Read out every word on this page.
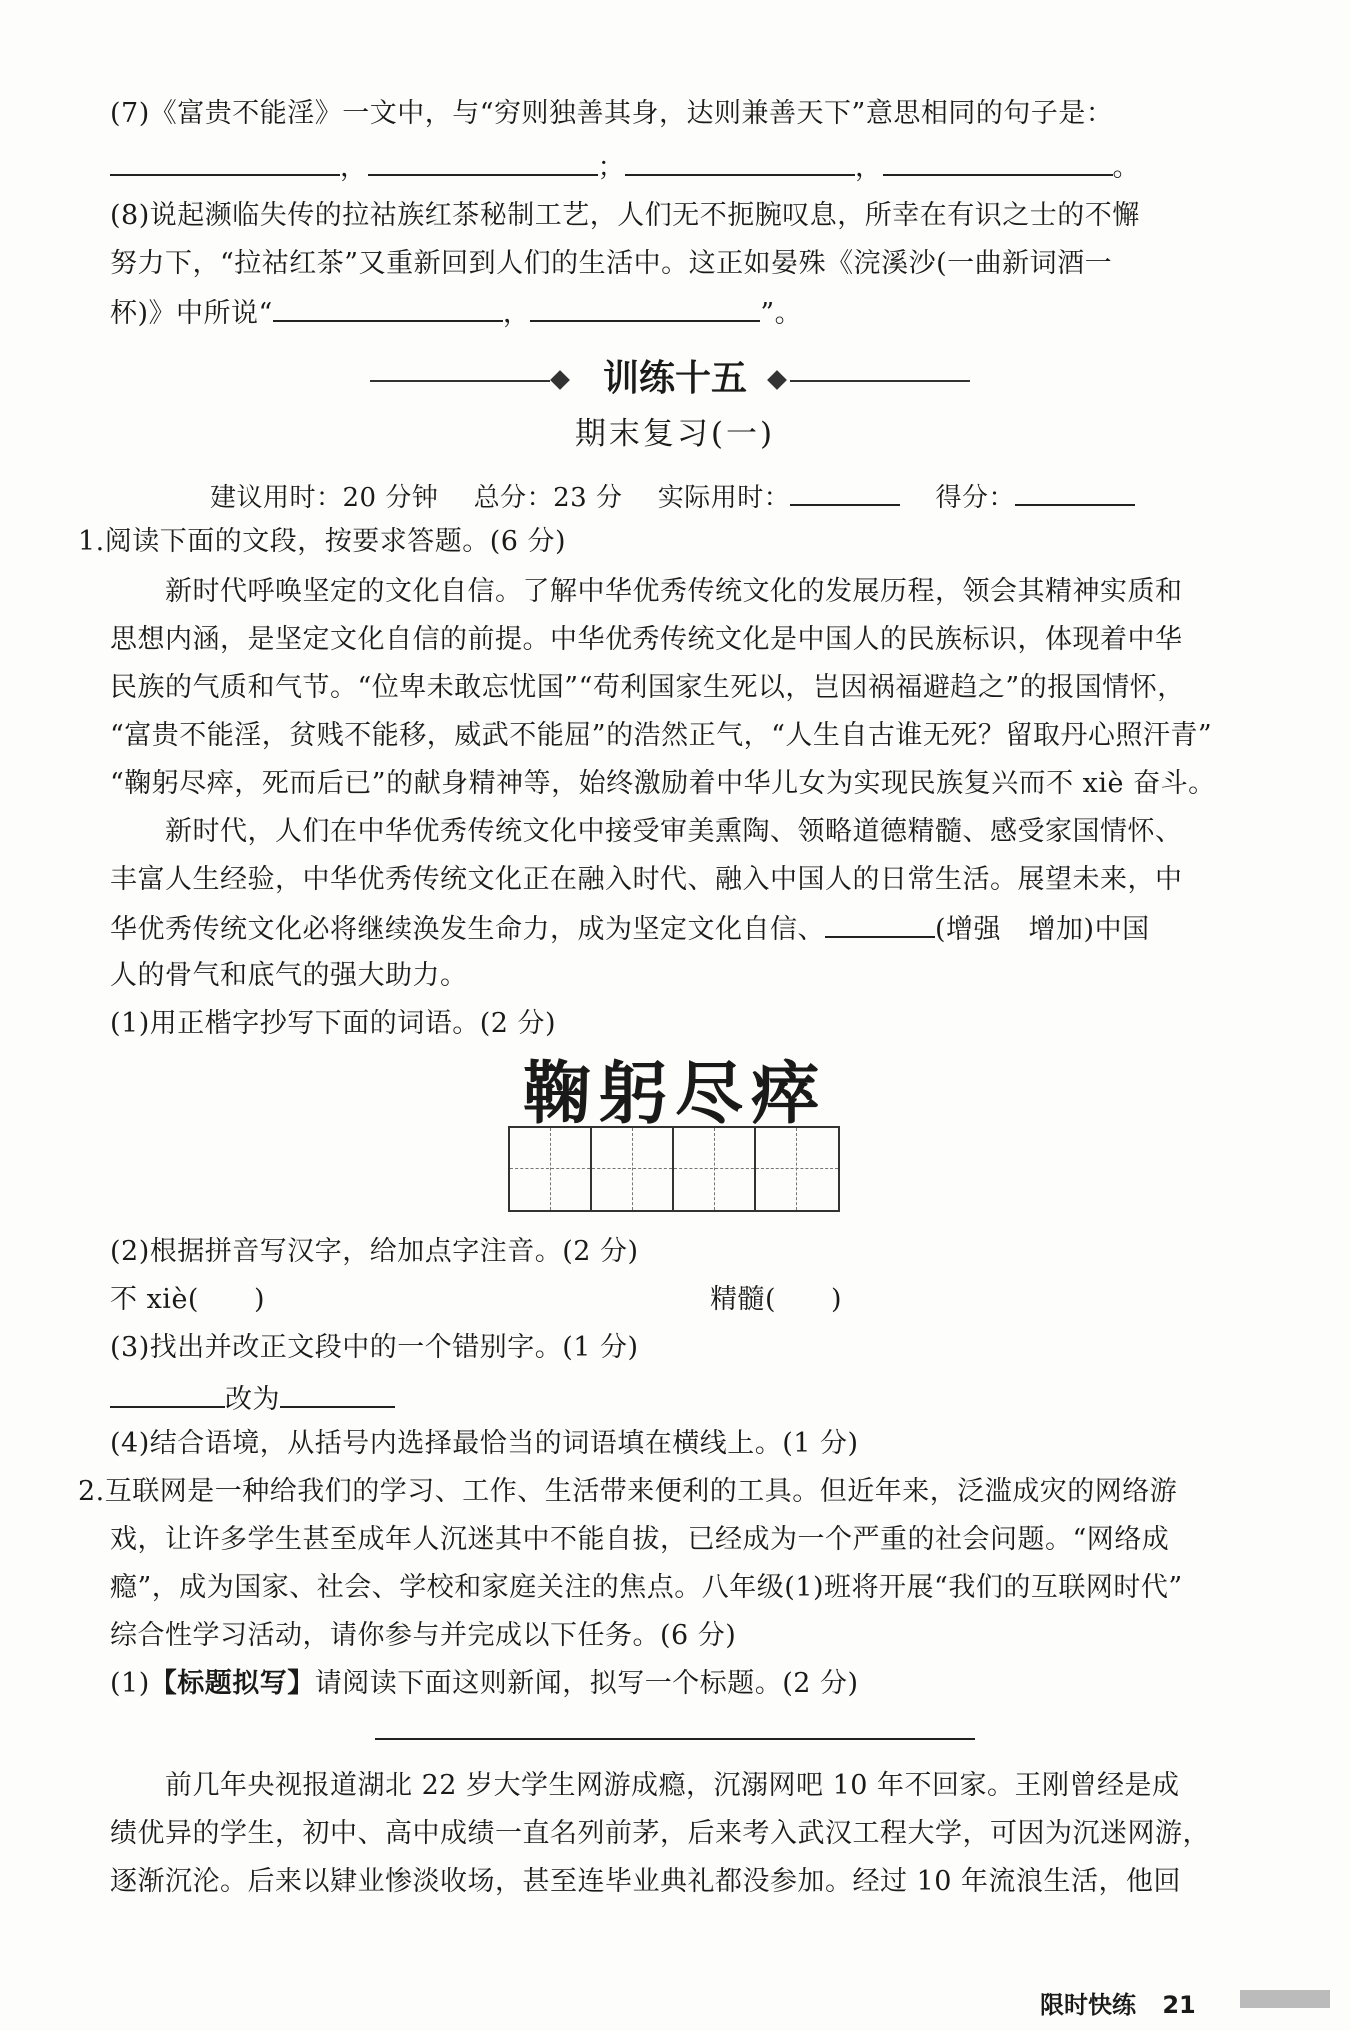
(7)《富贵不能淫》一文中，与“穷则独善其身，达则兼善天下”意思相同的句子是：
，	；	，	。
(8)说起濒临失传的拉祜族红茶秘制工艺，人们无不扼腕叹息，所幸在有识之士的不懈
努力下，“拉祜红茶”又重新回到人们的生活中。这正如晏殊《浣溪沙(一曲新词酒一
杯)》中所说“	，	”。
训练十五
期末复习(一)
建议用时：20 分钟　 总分：23 分　 实际用时：　	得分：
1.阅读下面的文段，按要求答题。(6 分)
新时代呼唤坚定的文化自信。了解中华优秀传统文化的发展历程，领会其精神实质和
思想内涵，是坚定文化自信的前提。中华优秀传统文化是中国人的民族标识，体现着中华
民族的气质和气节。“位卑未敢忘忧国”“苟利国家生死以，岂因祸福避趋之”的报国情怀，
“富贵不能淫，贫贱不能移，威武不能屈”的浩然正气，“人生自古谁无死？留取丹心照汗青”
“鞠躬尽瘁，死而后已”的献身精神等，始终激励着中华儿女为实现民族复兴而不 xiè 奋斗。
新时代，人们在中华优秀传统文化中接受审美熏陶、领略道德精髓、感受家国情怀、
丰富人生经验，中华优秀传统文化正在融入时代、融入中国人的日常生活。展望未来，中
华优秀传统文化必将继续涣发生命力，成为坚定文化自信、	(增强　增加)中国
人的骨气和底气的强大助力。
(1)用正楷字抄写下面的词语。(2 分)
鞠躬尽瘁
(2)根据拼音写汉字，给加点字注音。(2 分)
不 xiè(　　)	精髓(　　)
(3)找出并改正文段中的一个错别字。(1 分)
改为
(4)结合语境，从括号内选择最恰当的词语填在横线上。(1 分)
2.互联网是一种给我们的学习、工作、生活带来便利的工具。但近年来，泛滥成灾的网络游
戏，让许多学生甚至成年人沉迷其中不能自拔，已经成为一个严重的社会问题。“网络成
瘾”，成为国家、社会、学校和家庭关注的焦点。八年级(1)班将开展“我们的互联网时代”
综合性学习活动，请你参与并完成以下任务。(6 分)
(1)【标题拟写】请阅读下面这则新闻，拟写一个标题。(2 分)
前几年央视报道湖北 22 岁大学生网游成瘾，沉溺网吧 10 年不回家。王刚曾经是成
绩优异的学生，初中、高中成绩一直名列前茅，后来考入武汉工程大学，可因为沉迷网游，
逐渐沉沦。后来以肄业惨淡收场，甚至连毕业典礼都没参加。经过 10 年流浪生活，他回
限时快练 21
